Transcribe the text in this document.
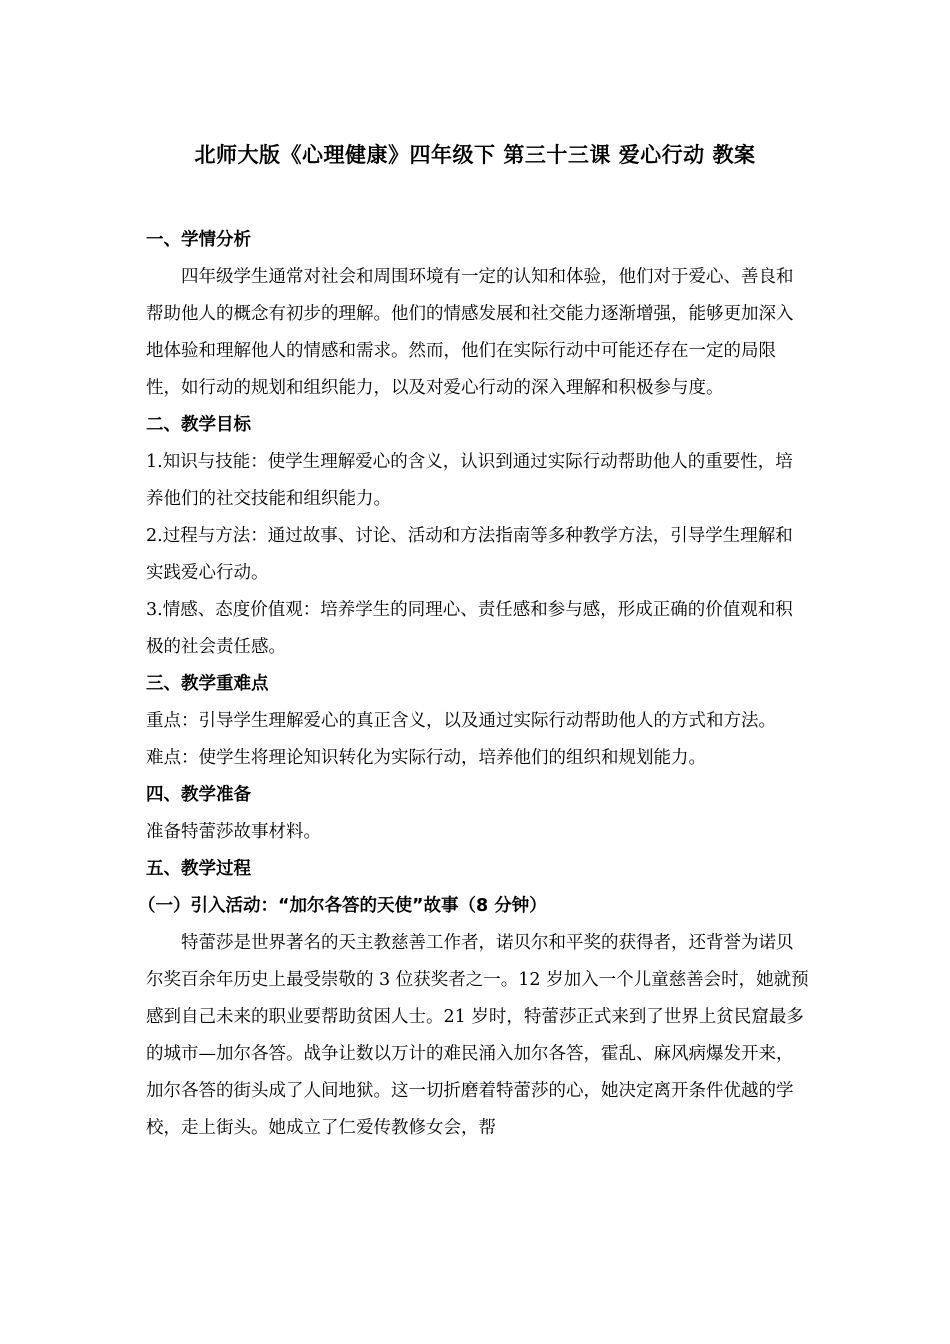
北师大版《心理健康》四年级下 第三十三课 爱心行动 教案

一、学情分析

四年级学生通常对社会和周围环境有一定的认知和体验，他们对于爱心、善良和帮助他人的概念有初步的理解。他们的情感发展和社交能力逐渐增强，能够更加深入地体验和理解他人的情感和需求。然而，他们在实际行动中可能还存在一定的局限性，如行动的规划和组织能力，以及对爱心行动的深入理解和积极参与度。

二、教学目标

1.知识与技能：使学生理解爱心的含义，认识到通过实际行动帮助他人的重要性，培养他们的社交技能和组织能力。

2.过程与方法：通过故事、讨论、活动和方法指南等多种教学方法，引导学生理解和实践爱心行动。

3.情感、态度价值观：培养学生的同理心、责任感和参与感，形成正确的价值观和积极的社会责任感。

三、教学重难点

重点：引导学生理解爱心的真正含义，以及通过实际行动帮助他人的方式和方法。

难点：使学生将理论知识转化为实际行动，培养他们的组织和规划能力。

四、教学准备

准备特蕾莎故事材料。

五、教学过程

（一）引入活动：“加尔各答的天使”故事（8 分钟）

特蕾莎是世界著名的天主教慈善工作者，诺贝尔和平奖的获得者，还背誉为诺贝尔奖百余年历史上最受崇敬的 3 位获奖者之一。12 岁加入一个儿童慈善会时，她就预感到自己未来的职业要帮助贫困人士。21 岁时，特蕾莎正式来到了世界上贫民窟最多的城市—加尔各答。战争让数以万计的难民涌入加尔各答，霍乱、麻风病爆发开来，加尔各答的街头成了人间地狱。这一切折磨着特蕾莎的心，她决定离开条件优越的学校，走上街头。她成立了仁爱传教修女会，帮
